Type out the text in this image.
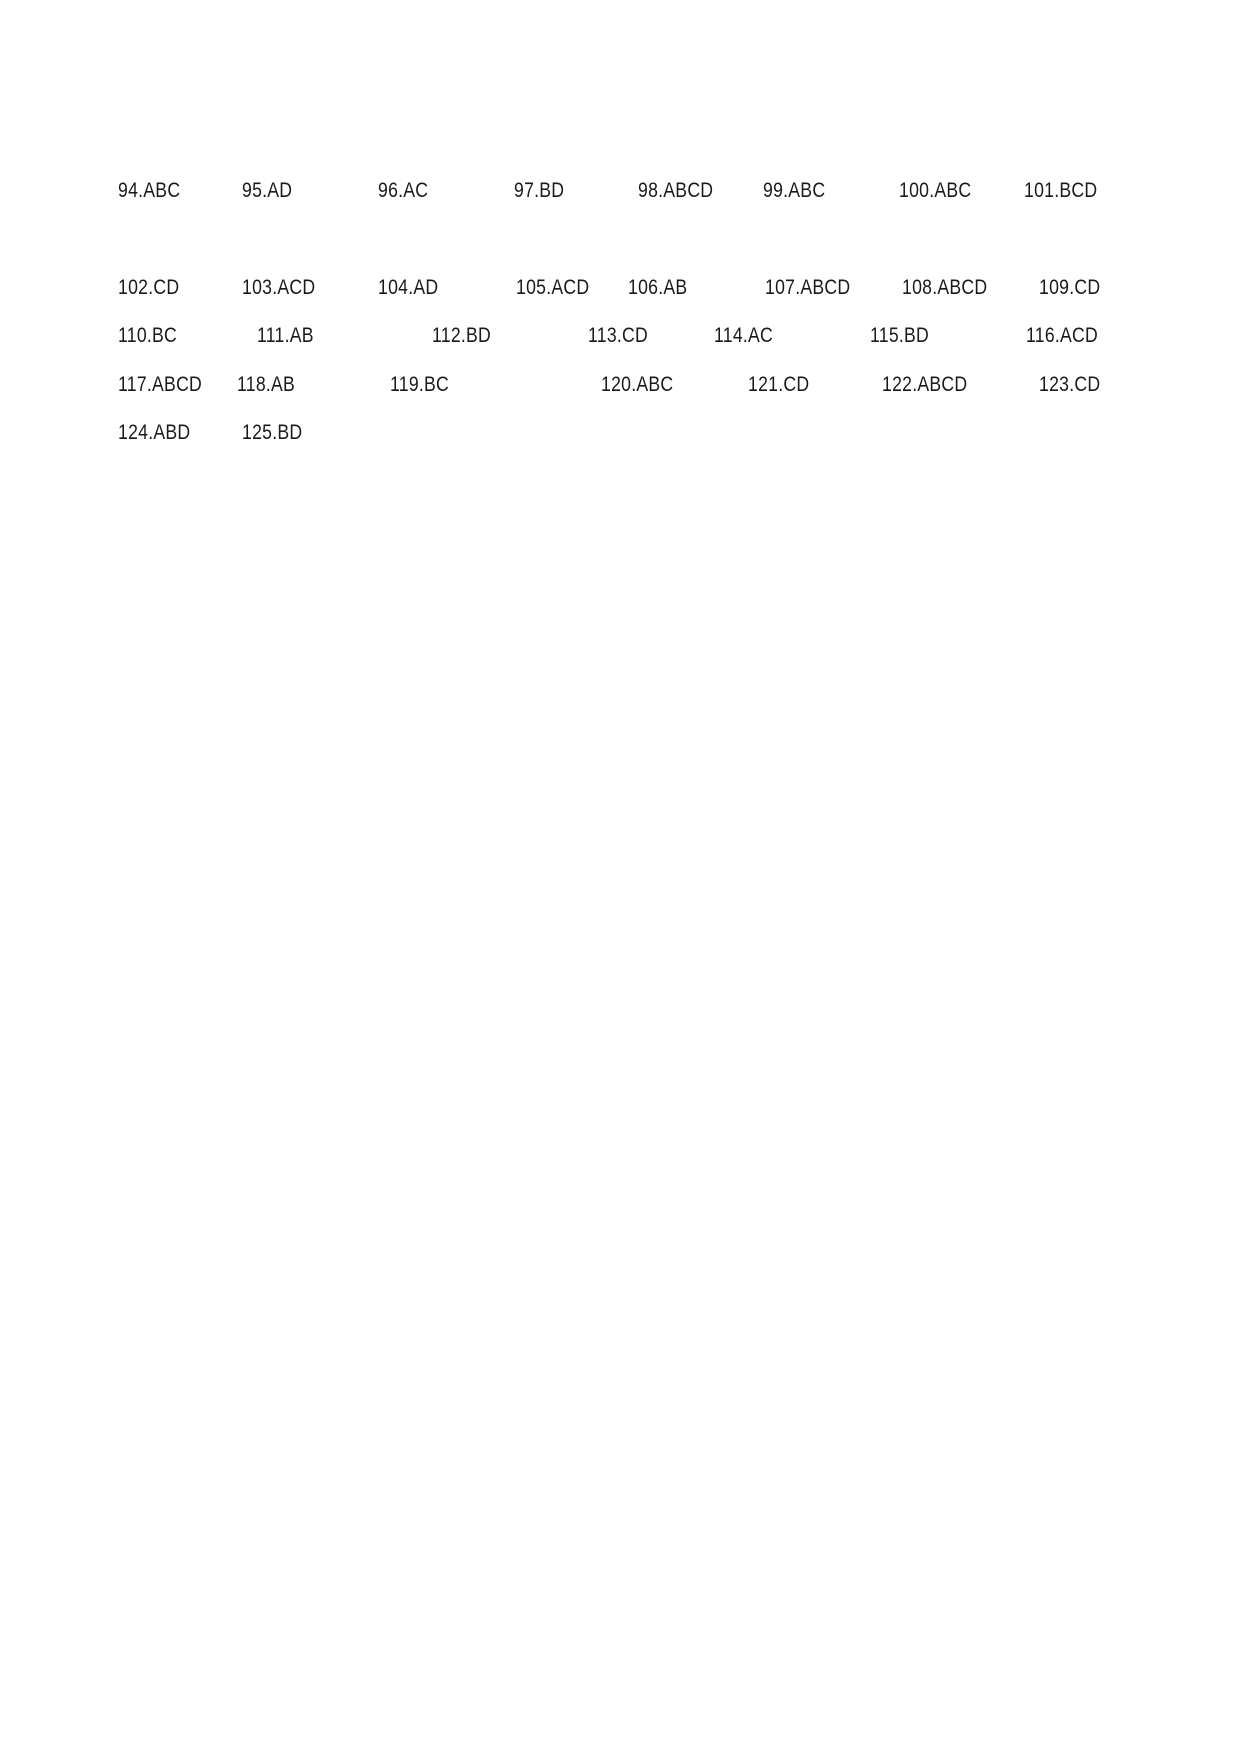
94.ABC	95.AD	96.AC	97.BD	98.ABCD 99.ABC	100.ABC	101.BCD
102.CD	103.ACD	104.AD	105.ACD 106.AB	107.ABCD 108.ABCD 109.CD
110.BC	111.AB	112.BD	113.CD	114.AC	115.BD	116.ACD
117.ABCD 118.AB	119.BC	120.ABC	121.CD	122.ABCD	123.CD
124.ABD 125.BD
